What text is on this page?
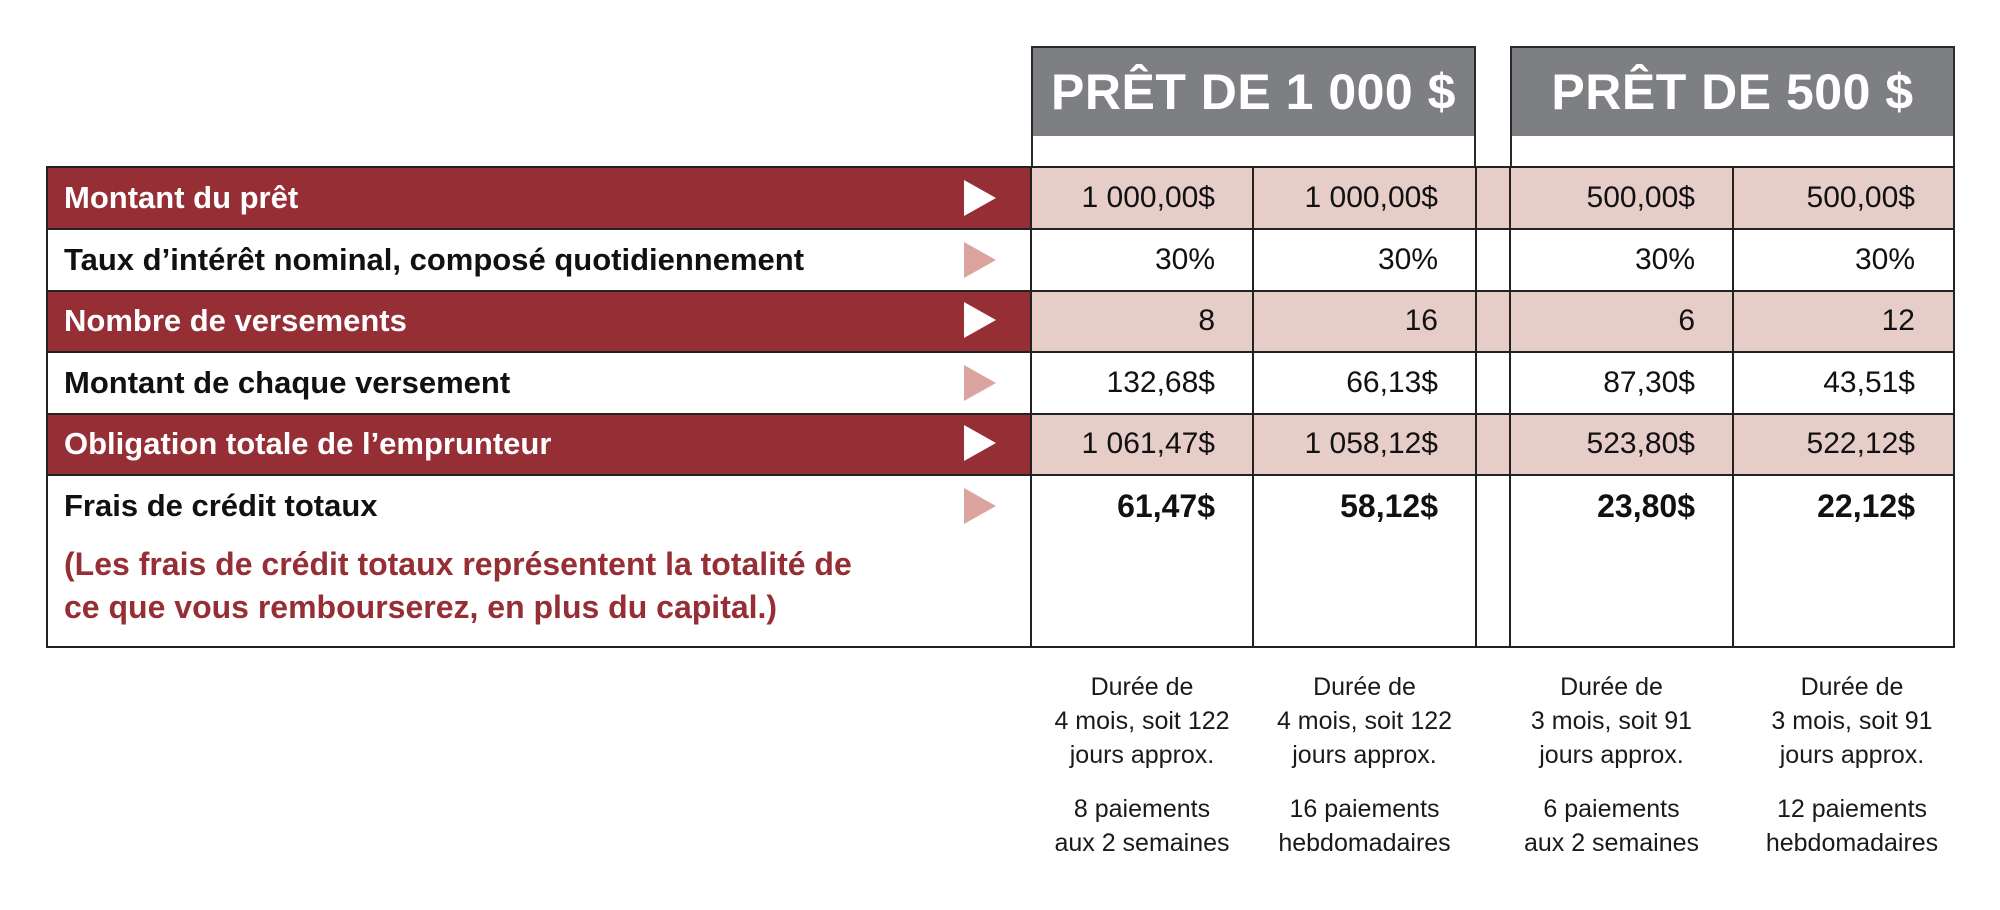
PRÊT DE 1 000 $ PRÊT DE 500 $
Montant du prêt	1 000,00$	1 000,00$	500,00$	500,00$
Taux d’intérêt nominal, composé quotidiennement	30%	30%	30%	30%
Nombre de versements	8	16	6	12
Montant de chaque versement	132,68$	66,13$	87,30$	43,51$
Obligation totale de l’emprunteur	1 061,47$	1 058,12$	523,80$	522,12$
Frais de crédit totaux	61,47$	58,12$	23,80$	22,12$
(Les frais de crédit totaux représentent la totalité de
ce que vous rembourserez, en plus du capital.)
Durée de
4 mois, soit 122
jours approx.
8 paiements
aux 2 semaines
Durée de
4 mois, soit 122
jours approx.
16 paiements
hebdomadaires
Durée de
3 mois, soit 91
jours approx.
6 paiements
aux 2 semaines
Durée de
3 mois, soit 91
jours approx.
12 paiements
hebdomadaires
